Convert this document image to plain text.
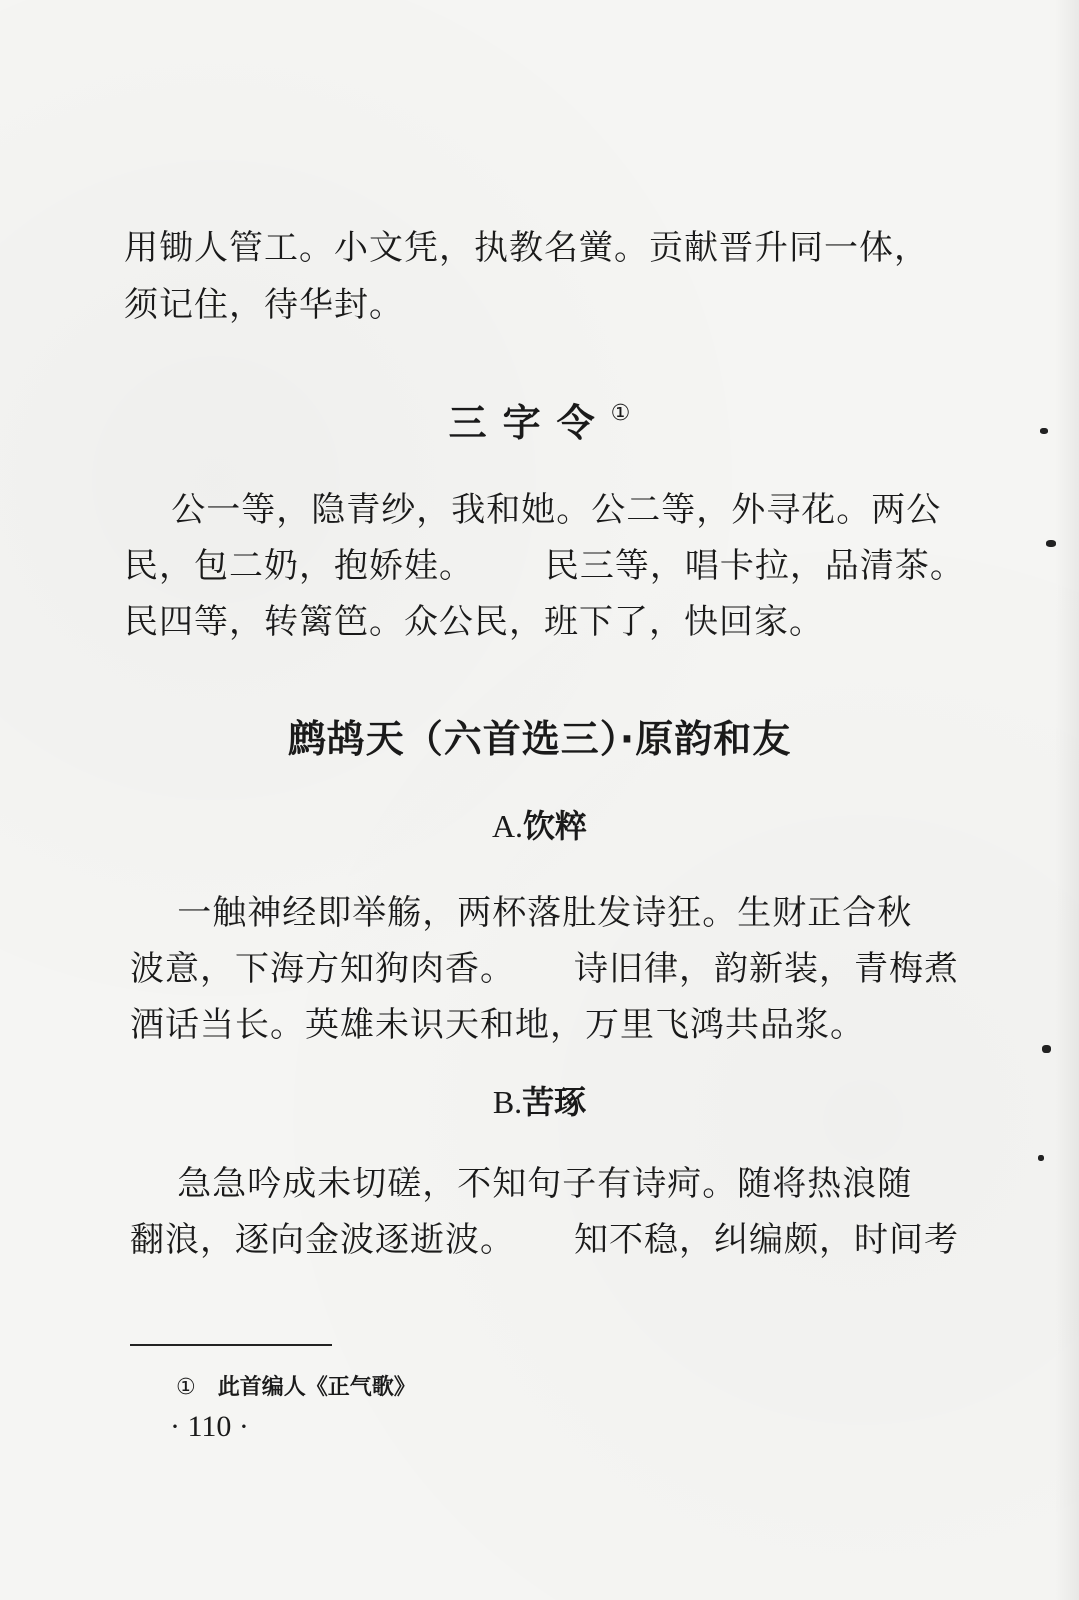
用锄人管工。小文凭，执教名黉。贡献晋升同一体，
须记住，待华封。
三字令①
公一等，隐青纱，我和她。公二等，外寻花。两公
民，包二奶，抱娇娃。      民三等，唱卡拉，品清茶。
民四等，转篱笆。众公民，班下了，快回家。
鹧鸪天（六首选三）·原韵和友
A.饮粹
一触神经即举觞，两杯落肚发诗狂。生财正合秋
波意，下海方知狗肉香。     诗旧律，韵新装，青梅煮
酒话当长。英雄未识天和地，万里飞鸿共品浆。
B.苦琢
急急吟成未切磋，不知句子有诗疴。随将热浪随
翻浪，逐向金波逐逝波。     知不稳，纠编颇，时间考
① 此首编人《正气歌》
· 110 ·
